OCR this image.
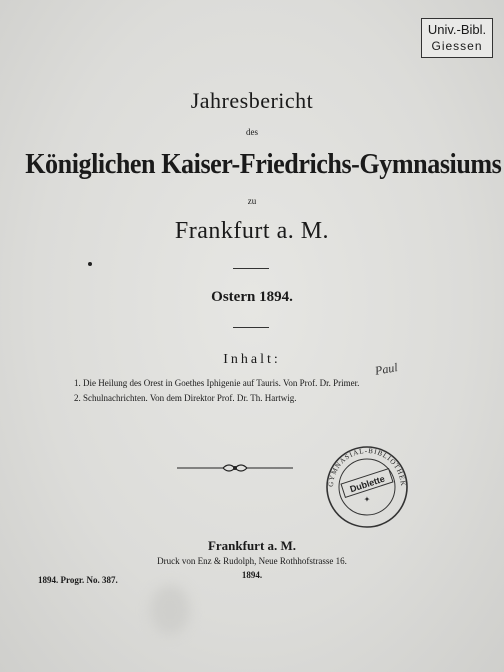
Univ.-Bibl.
Giessen
Jahresbericht
des
Königlichen Kaiser-Friedrichs-Gymnasiums
zu
Frankfurt a. M.
Ostern 1894.
Inhalt:
Paul
1. Die Heilung des Orest in Goethes Iphigenie auf Tauris. Von Prof. Dr. Primer.
2. Schulnachrichten. Von dem Direktor Prof. Dr. Th. Hartwig.
GYMNASIAL-BIBLIOTHEK
Dublette
✦
Frankfurt a. M.
Druck von Enz & Rudolph, Neue Rothhofstrasse 16.
1894.
1894. Progr. No. 387.
